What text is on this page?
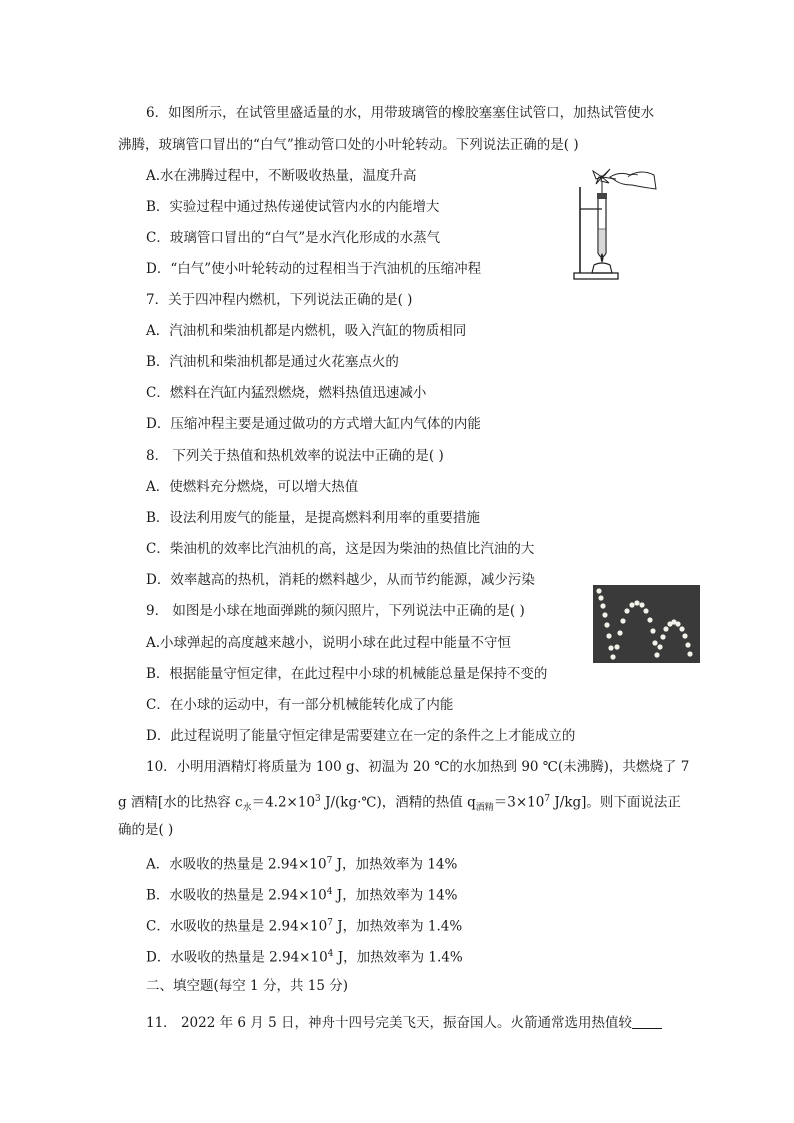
6．如图所示，在试管里盛适量的水，用带玻璃管的橡胶塞塞住试管口，加热试管使水
沸腾，玻璃管口冒出的“白气”推动管口处的小叶轮转动。下列说法正确的是( )
A.水在沸腾过程中，不断吸收热量，温度升高
B．实验过程中通过热传递使试管内水的内能增大
C．玻璃管口冒出的“白气”是水汽化形成的水蒸气
D．“白气”使小叶轮转动的过程相当于汽油机的压缩冲程
7．关于四冲程内燃机，下列说法正确的是( )
A．汽油机和柴油机都是内燃机，吸入汽缸的物质相同
B．汽油机和柴油机都是通过火花塞点火的
C．燃料在汽缸内猛烈燃烧，燃料热值迅速减小
D．压缩冲程主要是通过做功的方式增大缸内气体的内能
8． 下列关于热值和热机效率的说法中正确的是( )
A．使燃料充分燃烧，可以增大热值
B．设法利用废气的能量，是提高燃料利用率的重要措施
C．柴油机的效率比汽油机的高，这是因为柴油的热值比汽油的大
D．效率越高的热机，消耗的燃料越少，从而节约能源，减少污染
9． 如图是小球在地面弹跳的频闪照片，下列说法中正确的是( )
A.小球弹起的高度越来越小，说明小球在此过程中能量不守恒
B．根据能量守恒定律，在此过程中小球的机械能总量是保持不变的
C．在小球的运动中，有一部分机械能转化成了内能
D．此过程说明了能量守恒定律是需要建立在一定的条件之上才能成立的
10．小明用酒精灯将质量为 100 g、初温为 20 ℃的水加热到 90 ℃(未沸腾)，共燃烧了 7
g 酒精[水的比热容 $c_水=4.2\times 10^3$ J/(kg·℃)，酒精的热值 $q_{酒精}=3\times 10^7$ J/kg]。则下面说法正
确的是( )
A．水吸收的热量是 $2.94\times 10^7$ J，加热效率为 14%
B．水吸收的热量是 $2.94\times 10^4$ J，加热效率为 14%
C．水吸收的热量是 $2.94\times 10^7$ J，加热效率为 1.4%
D．水吸收的热量是 $2.94\times 10^4$ J，加热效率为 1.4%
二、填空题(每空 1 分，共 15 分)
11． 2022 年 6 月 5 日，神舟十四号完美飞天，振奋国人。火箭通常选用热值较
